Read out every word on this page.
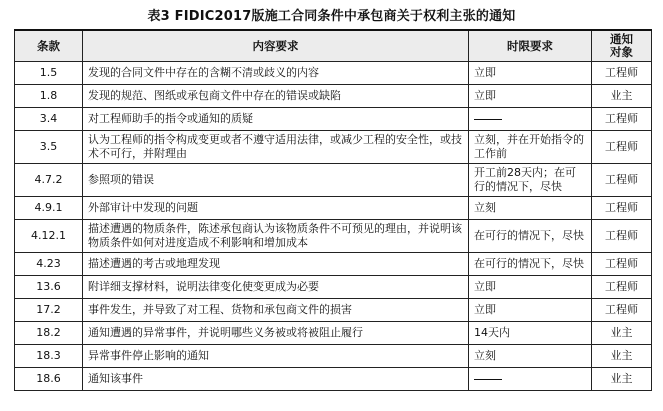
表3 FIDIC2017版施工合同条件中承包商关于权利主张的通知
条款	内容要求	时限要求	通知
对象
1.5	发现的合同文件中存在的含糊不清或歧义的内容	立即	工程师
1.8	发现的规范、图纸或承包商文件中存在的错误或缺陷	立即	业主
3.4	对工程师助手的指令或通知的质疑		工程师
3.5	认为工程师的指令构成变更或者不遵守适用法律，或减少工程的安全性，或技术不可行，并附理由	立刻，并在开始指令的工作前	工程师
4.7.2	参照项的错误	开工前28天内；在可行的情况下，尽快	工程师
4.9.1	外部审计中发现的问题	立刻	工程师
4.12.1	描述遭遇的物质条件，陈述承包商认为该物质条件不可预见的理由，并说明该物质条件如何对进度造成不利影响和增加成本	在可行的情况下，尽快	工程师
4.23	描述遭遇的考古或地理发现	在可行的情况下，尽快	工程师
13.6	附详细支撑材料，说明法律变化使变更成为必要	立即	工程师
17.2	事件发生，并导致了对工程、货物和承包商文件的损害	立即	工程师
18.2	通知遭遇的异常事件，并说明哪些义务被或将被阻止履行	14天内	业主
18.3	异常事件停止影响的通知	立刻	业主
18.6	通知该事件		业主
